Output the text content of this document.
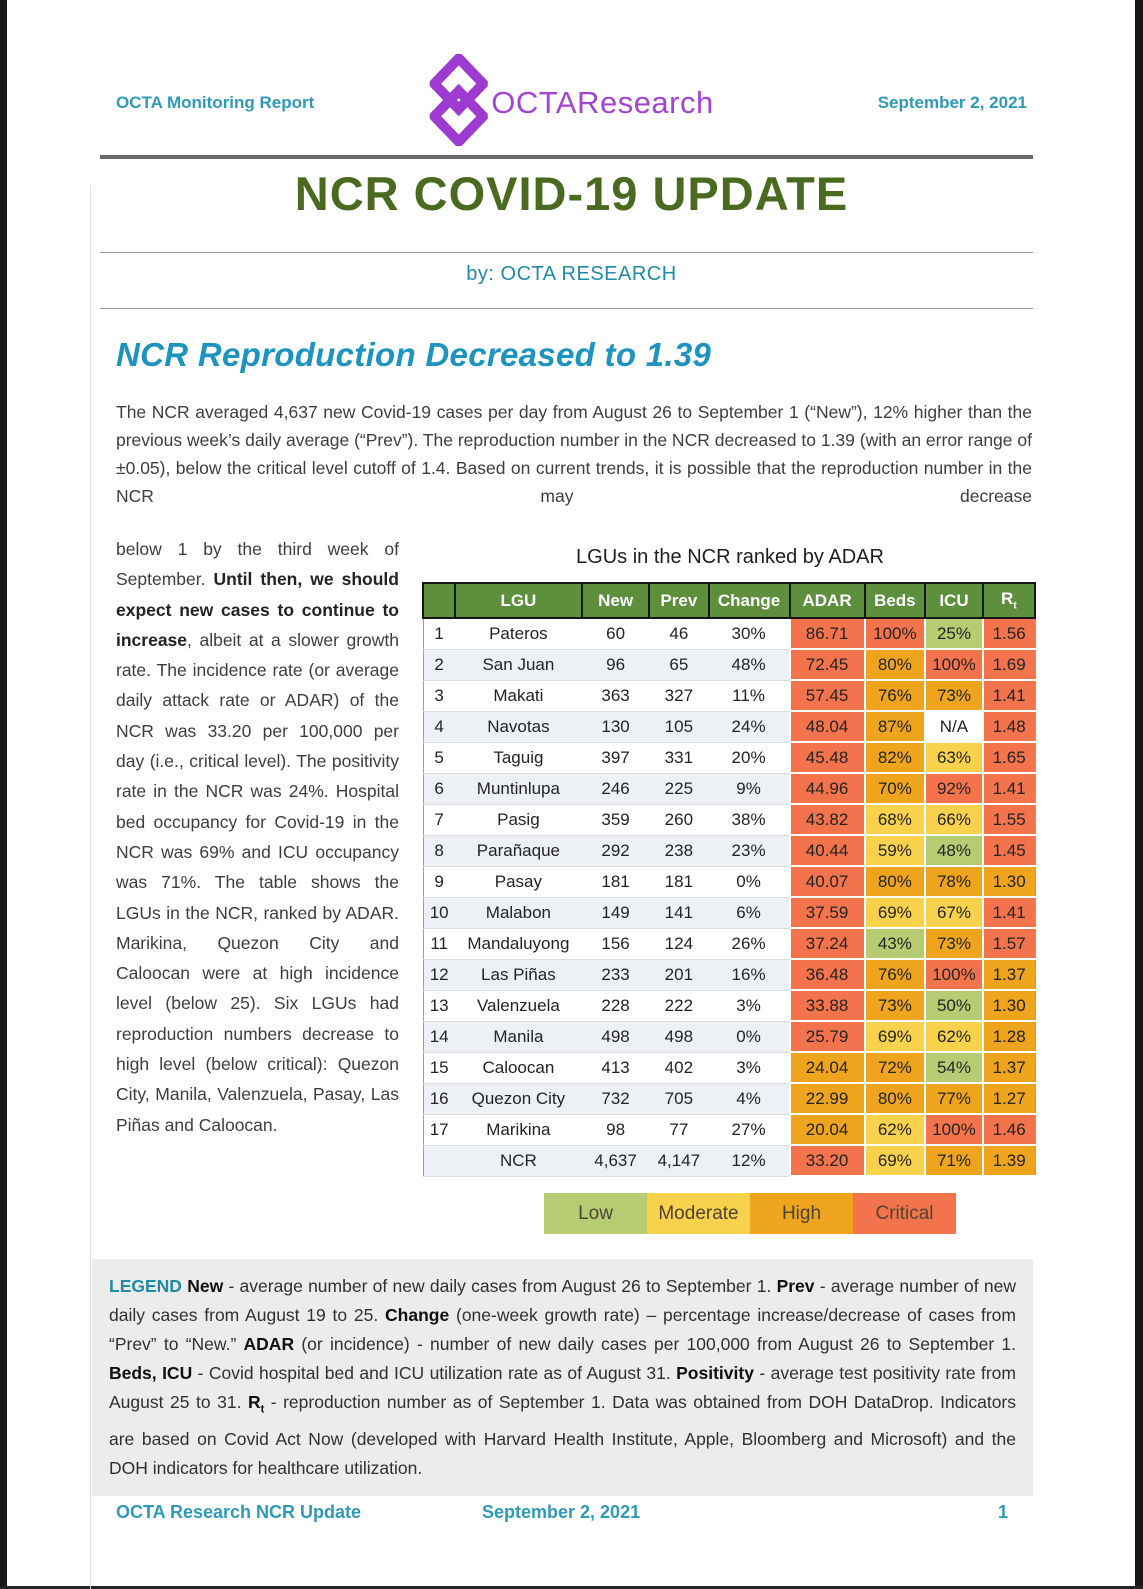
OCTA Monitoring Report	OCTAResearch	September 2, 2021
NCR COVID-19 UPDATE
by: OCTA RESEARCH
NCR Reproduction Decreased to 1.39
The NCR averaged 4,637 new Covid-19 cases per day from August 26 to September 1 (“New”), 12% higher than the previous week’s daily average (“Prev”). The reproduction number in the NCR decreased to 1.39 (with an error range of ±0.05), below the critical level cutoff of 1.4. Based on current trends, it is possible that the reproduction number in the NCR may decrease
below 1 by the third week of September. Until then, we should expect new cases to continue to increase, albeit at a slower growth rate. The incidence rate (or average daily attack rate or ADAR) of the NCR was 33.20 per 100,000 per day (i.e., critical level). The positivity rate in the NCR was 24%. Hospital bed occupancy for Covid-19 in the NCR was 69% and ICU occupancy was 71%. The table shows the LGUs in the NCR, ranked by ADAR. Marikina, Quezon City and Caloocan were at high incidence level (below 25). Six LGUs had reproduction numbers decrease to high level (below critical): Quezon City, Manila, Valenzuela, Pasay, Las Piñas and Caloocan.
LGUs in the NCR ranked by ADAR
	LGU	New	Prev	Change	ADAR	Beds	ICU	$R_t$
1	Pateros	60	46	30%	86.71	100%	25%	1.56
2	San Juan	96	65	48%	72.45	80%	100%	1.69
3	Makati	363	327	11%	57.45	76%	73%	1.41
4	Navotas	130	105	24%	48.04	87%	N/A	1.48
5	Taguig	397	331	20%	45.48	82%	63%	1.65
6	Muntinlupa	246	225	9%	44.96	70%	92%	1.41
7	Pasig	359	260	38%	43.82	68%	66%	1.55
8	Parañaque	292	238	23%	40.44	59%	48%	1.45
9	Pasay	181	181	0%	40.07	80%	78%	1.30
10	Malabon	149	141	6%	37.59	69%	67%	1.41
11	Mandaluyong	156	124	26%	37.24	43%	73%	1.57
12	Las Piñas	233	201	16%	36.48	76%	100%	1.37
13	Valenzuela	228	222	3%	33.88	73%	50%	1.30
14	Manila	498	498	0%	25.79	69%	62%	1.28
15	Caloocan	413	402	3%	24.04	72%	54%	1.37
16	Quezon City	732	705	4%	22.99	80%	77%	1.27
17	Marikina	98	77	27%	20.04	62%	100%	1.46
	NCR	4,637	4,147	12%	33.20	69%	71%	1.39
Low	Moderate	High	Critical
LEGEND New - average number of new daily cases from August 26 to September 1. Prev - average number of new daily cases from August 19 to 25. Change (one-week growth rate) – percentage increase/decrease of cases from “Prev” to “New.” ADAR (or incidence) - number of new daily cases per 100,000 from August 26 to September 1. Beds, ICU - Covid hospital bed and ICU utilization rate as of August 31. Positivity - average test positivity rate from August 25 to 31. $R_t$ - reproduction number as of September 1. Data was obtained from DOH DataDrop. Indicators are based on Covid Act Now (developed with Harvard Health Institute, Apple, Bloomberg and Microsoft) and the DOH indicators for healthcare utilization.
OCTA Research NCR Update	September 2, 2021	1
